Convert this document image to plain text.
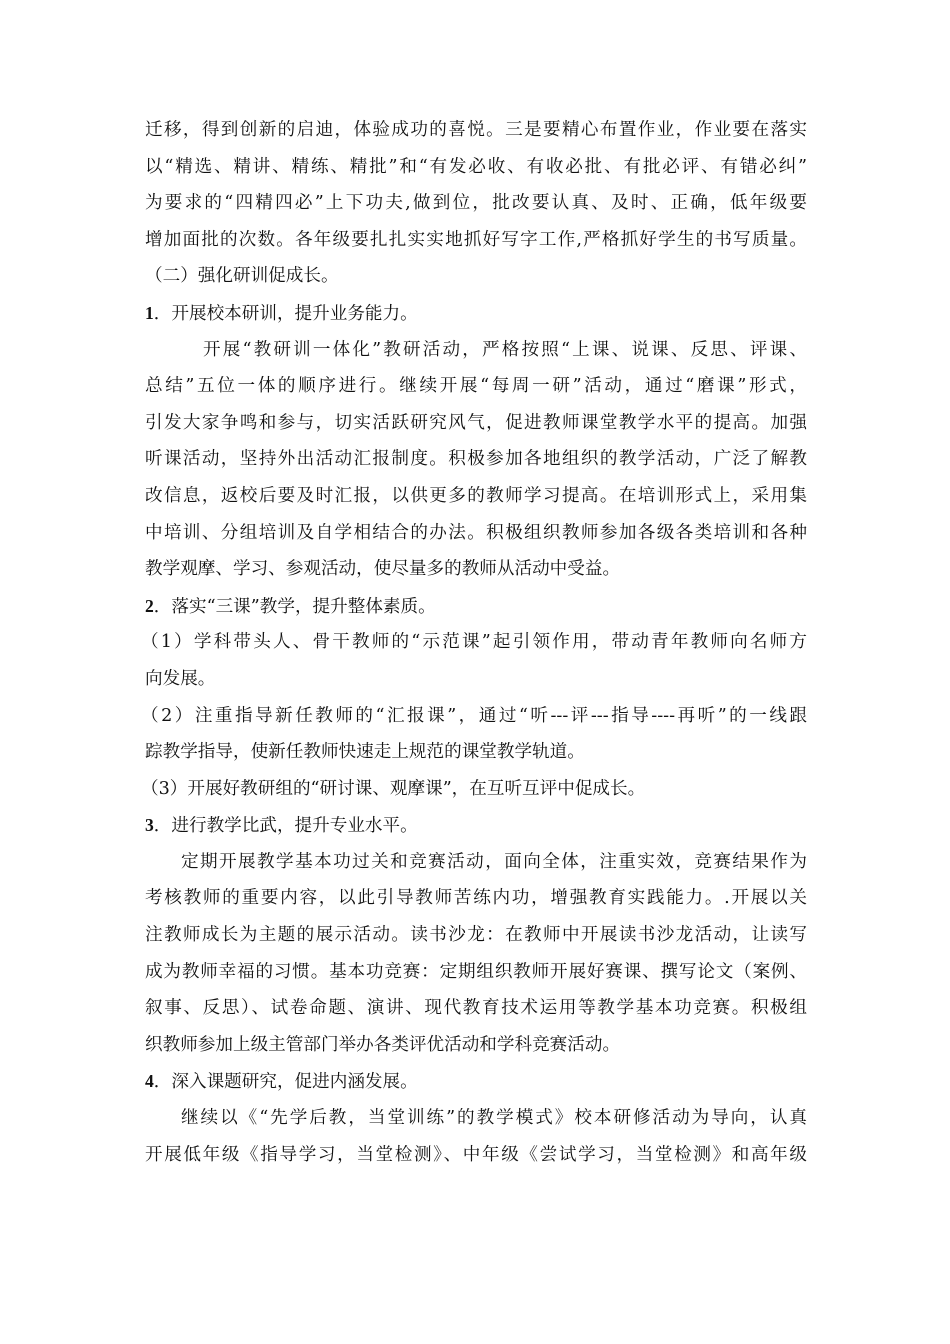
迁移，得到创新的启迪，体验成功的喜悦。三是要精心布置作业，作业要在落实
以“精选、精讲、精练、精批”和“有发必收、有收必批、有批必评、有错必纠”
为要求的“四精四必”上下功夫,做到位，批改要认真、及时、正确，低年级要
增加面批的次数。各年级要扎扎实实地抓好写字工作,严格抓好学生的书写质量。
（二）强化研训促成长。
1．开展校本研训，提升业务能力。
开展“教研训一体化”教研活动，严格按照“上课、说课、反思、评课、
总结”五位一体的顺序进行。继续开展“每周一研”活动，通过“磨课”形式，
引发大家争鸣和参与，切实活跃研究风气，促进教师课堂教学水平的提高。加强
听课活动，坚持外出活动汇报制度。积极参加各地组织的教学活动，广泛了解教
改信息，返校后要及时汇报，以供更多的教师学习提高。在培训形式上，采用集
中培训、分组培训及自学相结合的办法。积极组织教师参加各级各类培训和各种
教学观摩、学习、参观活动，使尽量多的教师从活动中受益。
2．落实“三课”教学，提升整体素质。
（1）学科带头人、骨干教师的“示范课”起引领作用，带动青年教师向名师方
向发展。
（2）注重指导新任教师的“汇报课”，通过“听---评---指导----再听”的一线跟
踪教学指导，使新任教师快速走上规范的课堂教学轨道。
（3）开展好教研组的“研讨课、观摩课”，在互听互评中促成长。
3．进行教学比武，提升专业水平。
定期开展教学基本功过关和竞赛活动，面向全体，注重实效，竞赛结果作为
考核教师的重要内容，以此引导教师苦练内功，增强教育实践能力。.开展以关
注教师成长为主题的展示活动。读书沙龙：在教师中开展读书沙龙活动，让读写
成为教师幸福的习惯。基本功竞赛：定期组织教师开展好赛课、撰写论文（案例、
叙事、反思）、试卷命题、演讲、现代教育技术运用等教学基本功竞赛。积极组
织教师参加上级主管部门举办各类评优活动和学科竞赛活动。
4．深入课题研究，促进内涵发展。
继续以《“先学后教，当堂训练”的教学模式》校本研修活动为导向，认真
开展低年级《指导学习，当堂检测》、中年级《尝试学习，当堂检测》和高年级
